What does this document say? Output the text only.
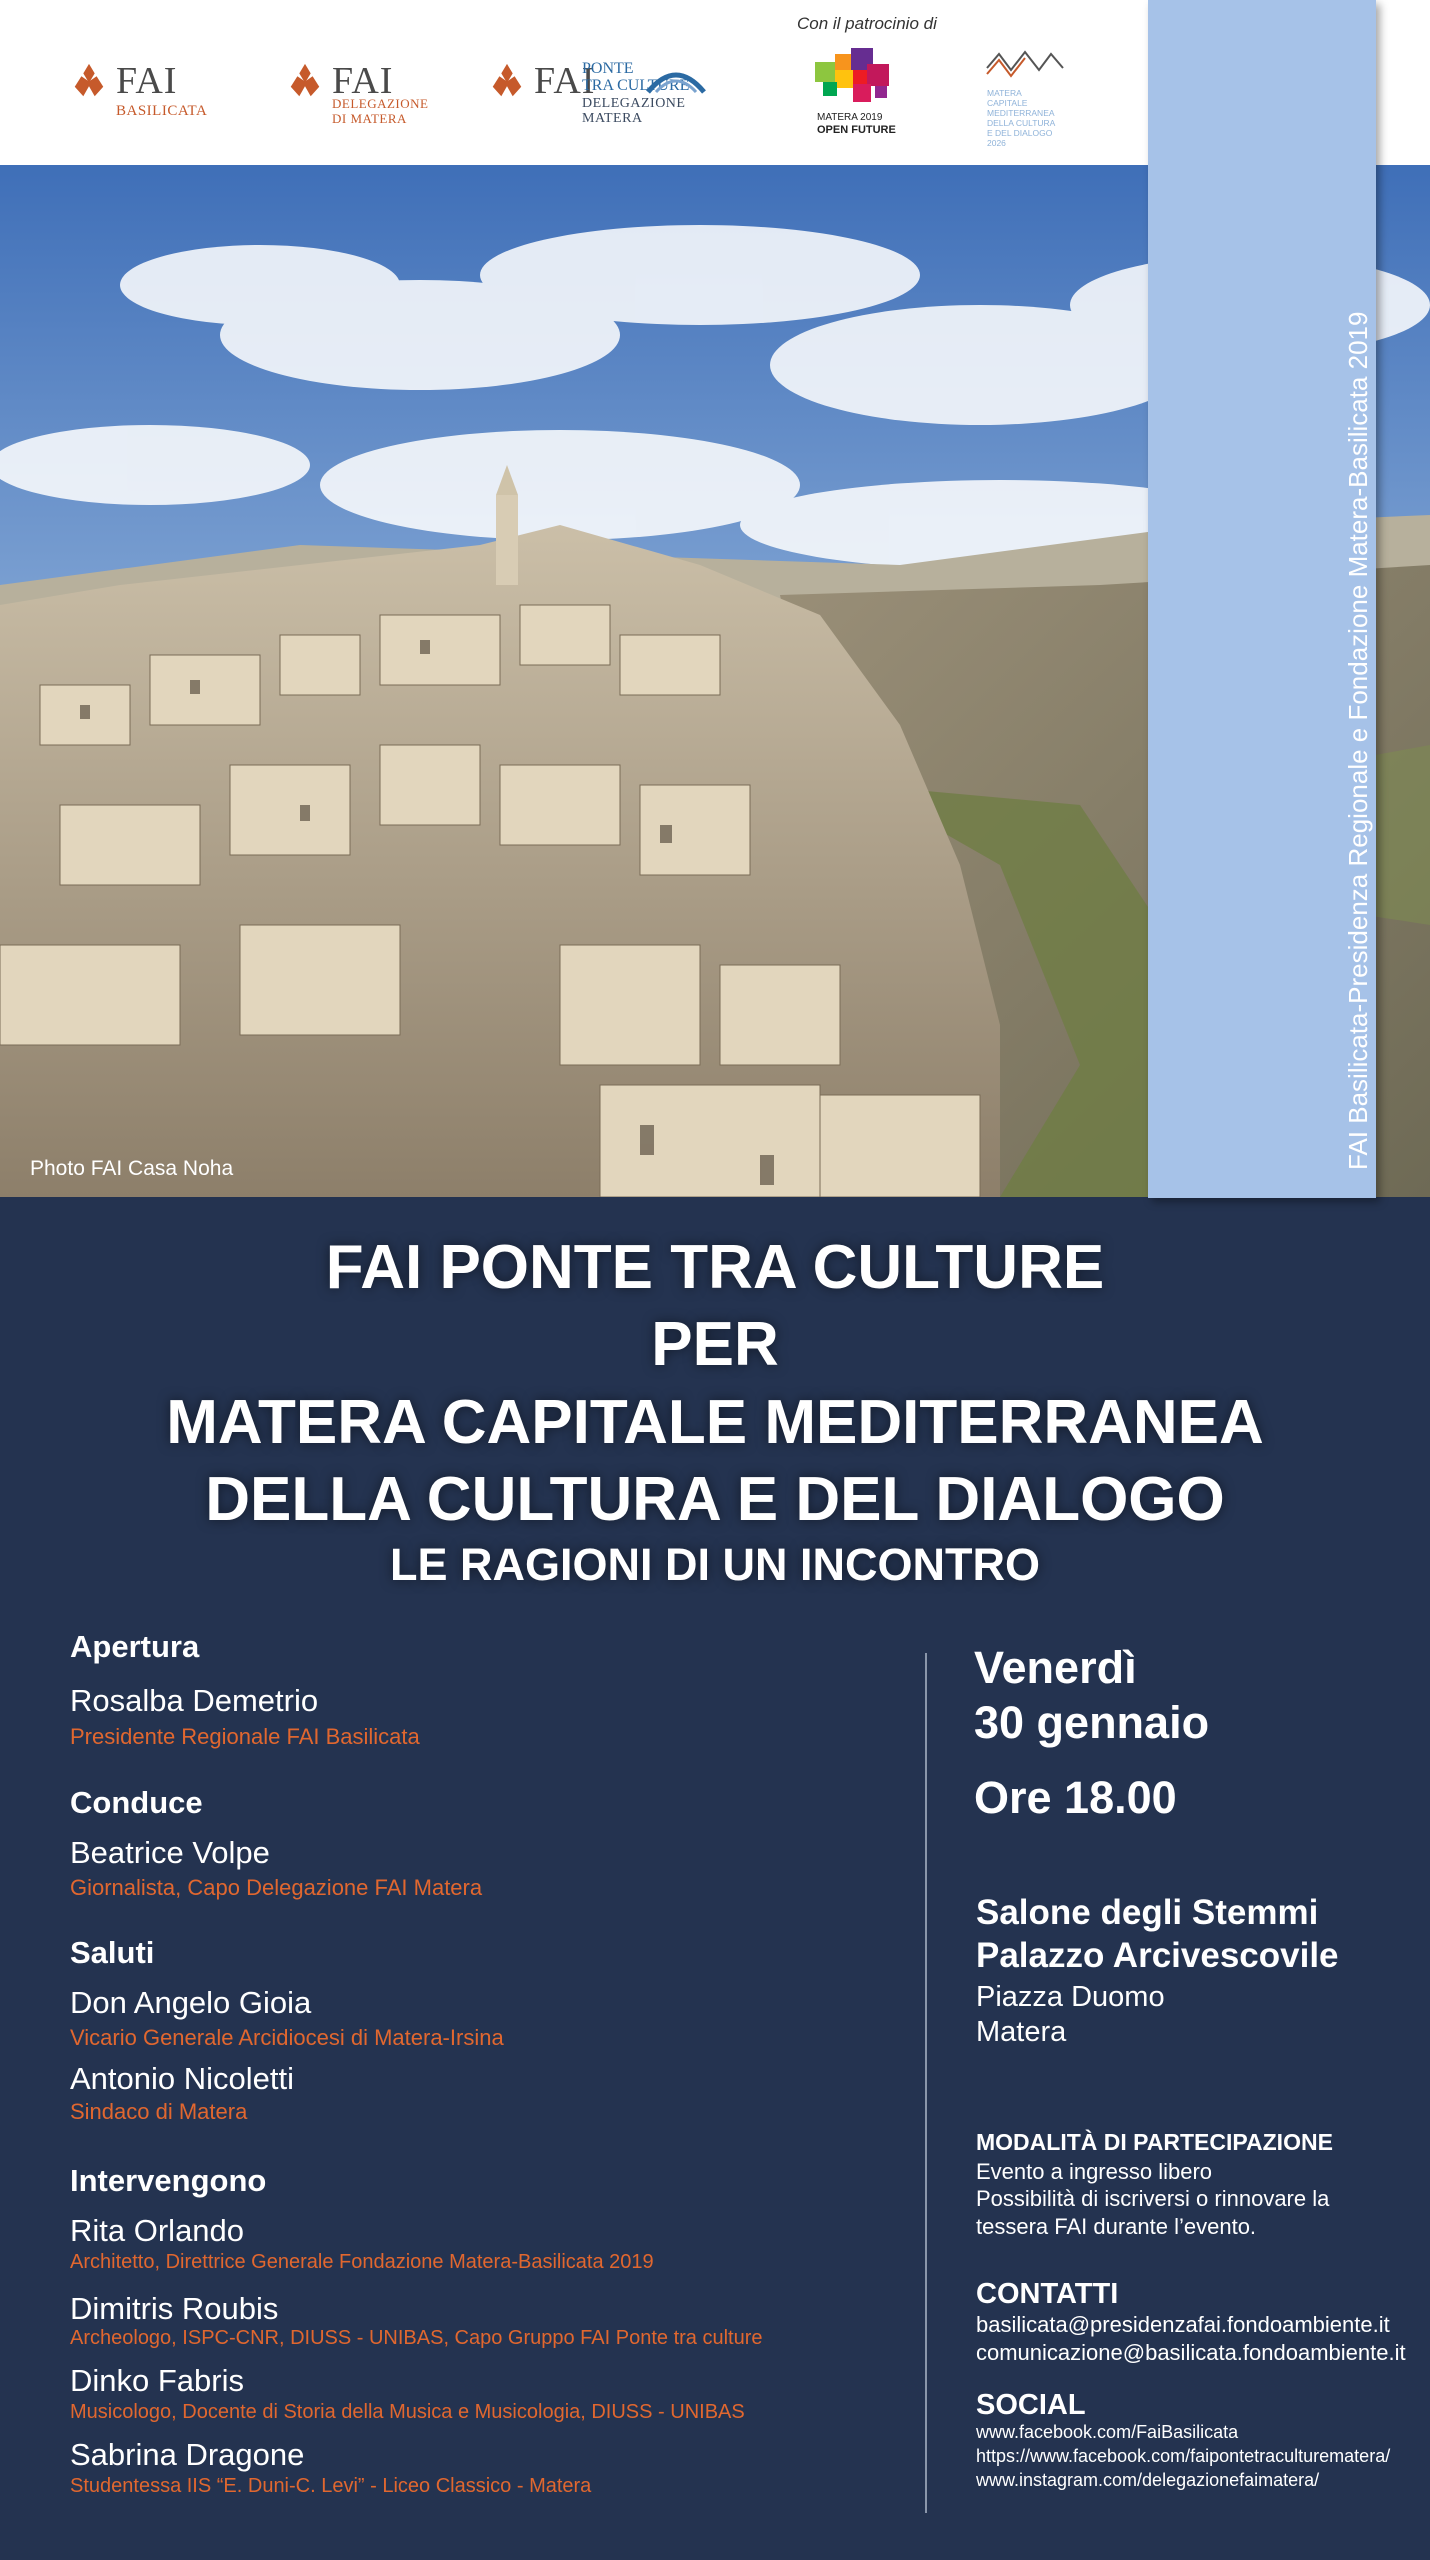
FAI
BASILICATA
FAI
DELEGAZIONE
DI MATERA
FAI
DELEGAZIONE
MATERA
PONTE
TRA CULTURE
Con il patrocinio di
MATERA 2019
OPEN FUTURE
MATERA
CAPITALE
MEDITERRANEA
DELLA CULTURA
E DEL DIALOGO
2026
Photo FAI Casa Noha	FAI Basilicata-Presidenza Regionale e Fondazione Matera-Basilicata 2019
FAI PONTE TRA CULTURE
PER
MATERA CAPITALE MEDITERRANEA
DELLA CULTURA E DEL DIALOGO
LE RAGIONI DI UN INCONTRO
Apertura
Rosalba Demetrio
Presidente Regionale FAI Basilicata
Conduce
Beatrice Volpe
Giornalista, Capo Delegazione FAI Matera
Saluti
Don Angelo Gioia
Vicario Generale Arcidiocesi di Matera-Irsina
Antonio Nicoletti
Sindaco di Matera
Intervengono
Rita Orlando
Architetto, Direttrice Generale Fondazione Matera-Basilicata 2019
Dimitris Roubis
Archeologo, ISPC-CNR, DIUSS - UNIBAS, Capo Gruppo FAI Ponte tra culture
Dinko Fabris
Musicologo, Docente di Storia della Musica e Musicologia, DIUSS - UNIBAS
Sabrina Dragone
Studentessa IIS “E. Duni-C. Levi” - Liceo Classico - Matera
Venerdì
30 gennaio
Ore 18.00
Salone degli Stemmi
Palazzo Arcivescovile
Piazza Duomo
Matera
MODALITÀ DI PARTECIPAZIONE
Evento a ingresso libero
Possibilità di iscriversi o rinnovare la
tessera FAI durante l’evento.
CONTATTI
basilicata@presidenzafai.fondoambiente.it
comunicazione@basilicata.fondoambiente.it
SOCIAL
www.facebook.com/FaiBasilicata
https://www.facebook.com/faipontetraculturematera/
www.instagram.com/delegazionefaimatera/
